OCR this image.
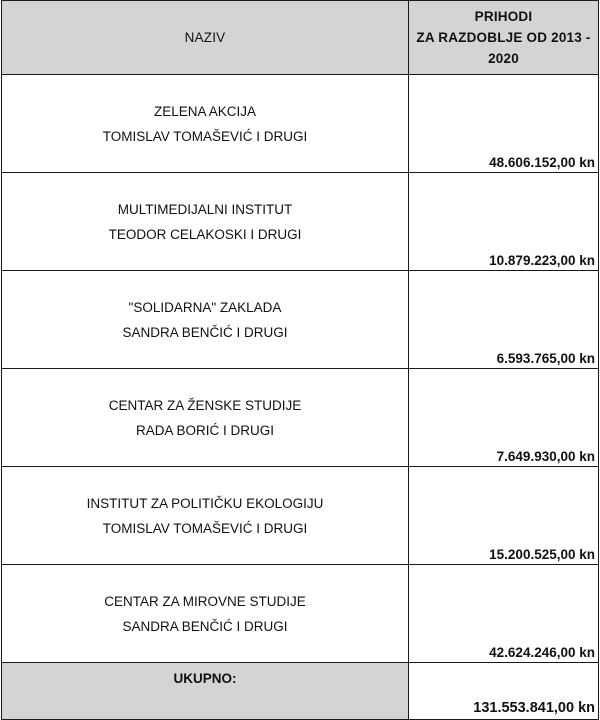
NAZIV	PRIHODI
ZA RAZDOBLJE OD 2013 -
2020

ZELENA AKCIJA
TOMISLAV TOMAŠEVIĆ I DRUGI	48.606.152,00 kn

MULTIMEDIJALNI INSTITUT
TEODOR CELAKOSKI I DRUGI	10.879.223,00 kn

"SOLIDARNA" ZAKLADA
SANDRA BENČIĆ I DRUGI	6.593.765,00 kn

CENTAR ZA ŽENSKE STUDIJE
RADA BORIĆ I DRUGI	7.649.930,00 kn

INSTITUT ZA POLITIČKU EKOLOGIJU
TOMISLAV TOMAŠEVIĆ I DRUGI	15.200.525,00 kn

CENTAR ZA MIROVNE STUDIJE
SANDRA BENČIĆ I DRUGI	42.624.246,00 kn
UKUPNO:	131.553.841,00 kn
